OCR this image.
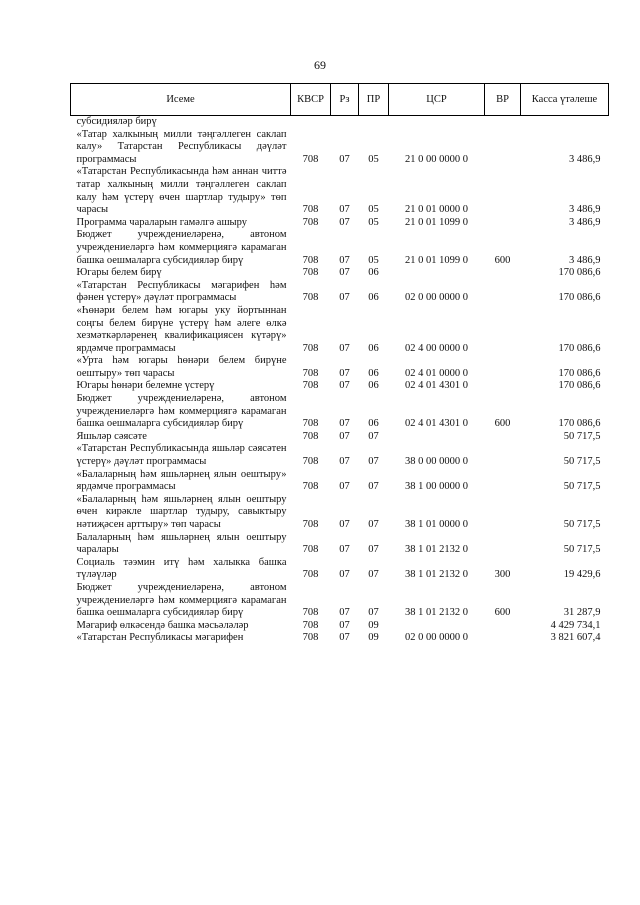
69
Исеме	КВСР	Рз	ПР	ЦСР	ВР	Касса үтәлеше
субсидияләр бирү						
«Татар халкының милли тәңгәллеген саклап калу» Татарстан Республикасы дәүләт программасы	708	07	05	21 0 00 0000 0		3 486,9
«Татарстан Республикасында һәм аннан читтә татар халкының милли тәңгәллеген саклап калу һәм үстерү өчен шартлар тудыру» төп чарасы	708	07	05	21 0 01 0000 0		3 486,9
Программа чараларын гамәлгә ашыру	708	07	05	21 0 01 1099 0		3 486,9
Бюджет учреждениеләренә, автоном учреждениеләргә һәм коммерциягә карамаган башка оешмаларга субсидияләр бирү	708	07	05	21 0 01 1099 0	600	3 486,9
Югары белем бирү	708	07	06			170 086,6
«Татарстан Республикасы мәгарифен һәм фәнен үстерү» дәүләт программасы	708	07	06	02 0 00 0000 0		170 086,6
«Һөнәри белем һәм югары уку йортыннан соңгы белем бирүне үстерү һәм әлеге өлкә хезмәткәрләренең квалификациясен күтәрү» ярдәмче программасы	708	07	06	02 4 00 0000 0		170 086,6
«Урта һәм югары һөнәри белем бирүне оештыру» төп чарасы	708	07	06	02 4 01 0000 0		170 086,6
Югары һөнәри белемне үстерү	708	07	06	02 4 01 4301 0		170 086,6
Бюджет учреждениеләренә, автоном учреждениеләргә һәм коммерциягә карамаган башка оешмаларга субсидияләр бирү	708	07	06	02 4 01 4301 0	600	170 086,6
Яшьләр сәясәте	708	07	07			50 717,5
«Татарстан Республикасында яшьләр сәясәтен үстерү» дәүләт программасы	708	07	07	38 0 00 0000 0		50 717,5
«Балаларның һәм яшьләрнең ялын оештыру» ярдәмче программасы	708	07	07	38 1 00 0000 0		50 717,5
«Балаларның һәм яшьләрнең ялын оештыру өчен кирәкле шартлар тудыру, савыктыру нәтиҗәсен арттыру» төп чарасы	708	07	07	38 1 01 0000 0		50 717,5
Балаларның һәм яшьләрнең ялын оештыру чаралары	708	07	07	38 1 01 2132 0		50 717,5
Социаль тәэмин итү һәм халыкка башка түләүләр	708	07	07	38 1 01 2132 0	300	19 429,6
Бюджет учреждениеләренә, автоном учреждениеләргә һәм коммерциягә карамаган башка оешмаларга субсидияләр бирү	708	07	07	38 1 01 2132 0	600	31 287,9
Мәгариф өлкәсендә башка мәсьәләләр	708	07	09			4 429 734,1
«Татарстан Республикасы мәгарифен	708	07	09	02 0 00 0000 0		3 821 607,4
